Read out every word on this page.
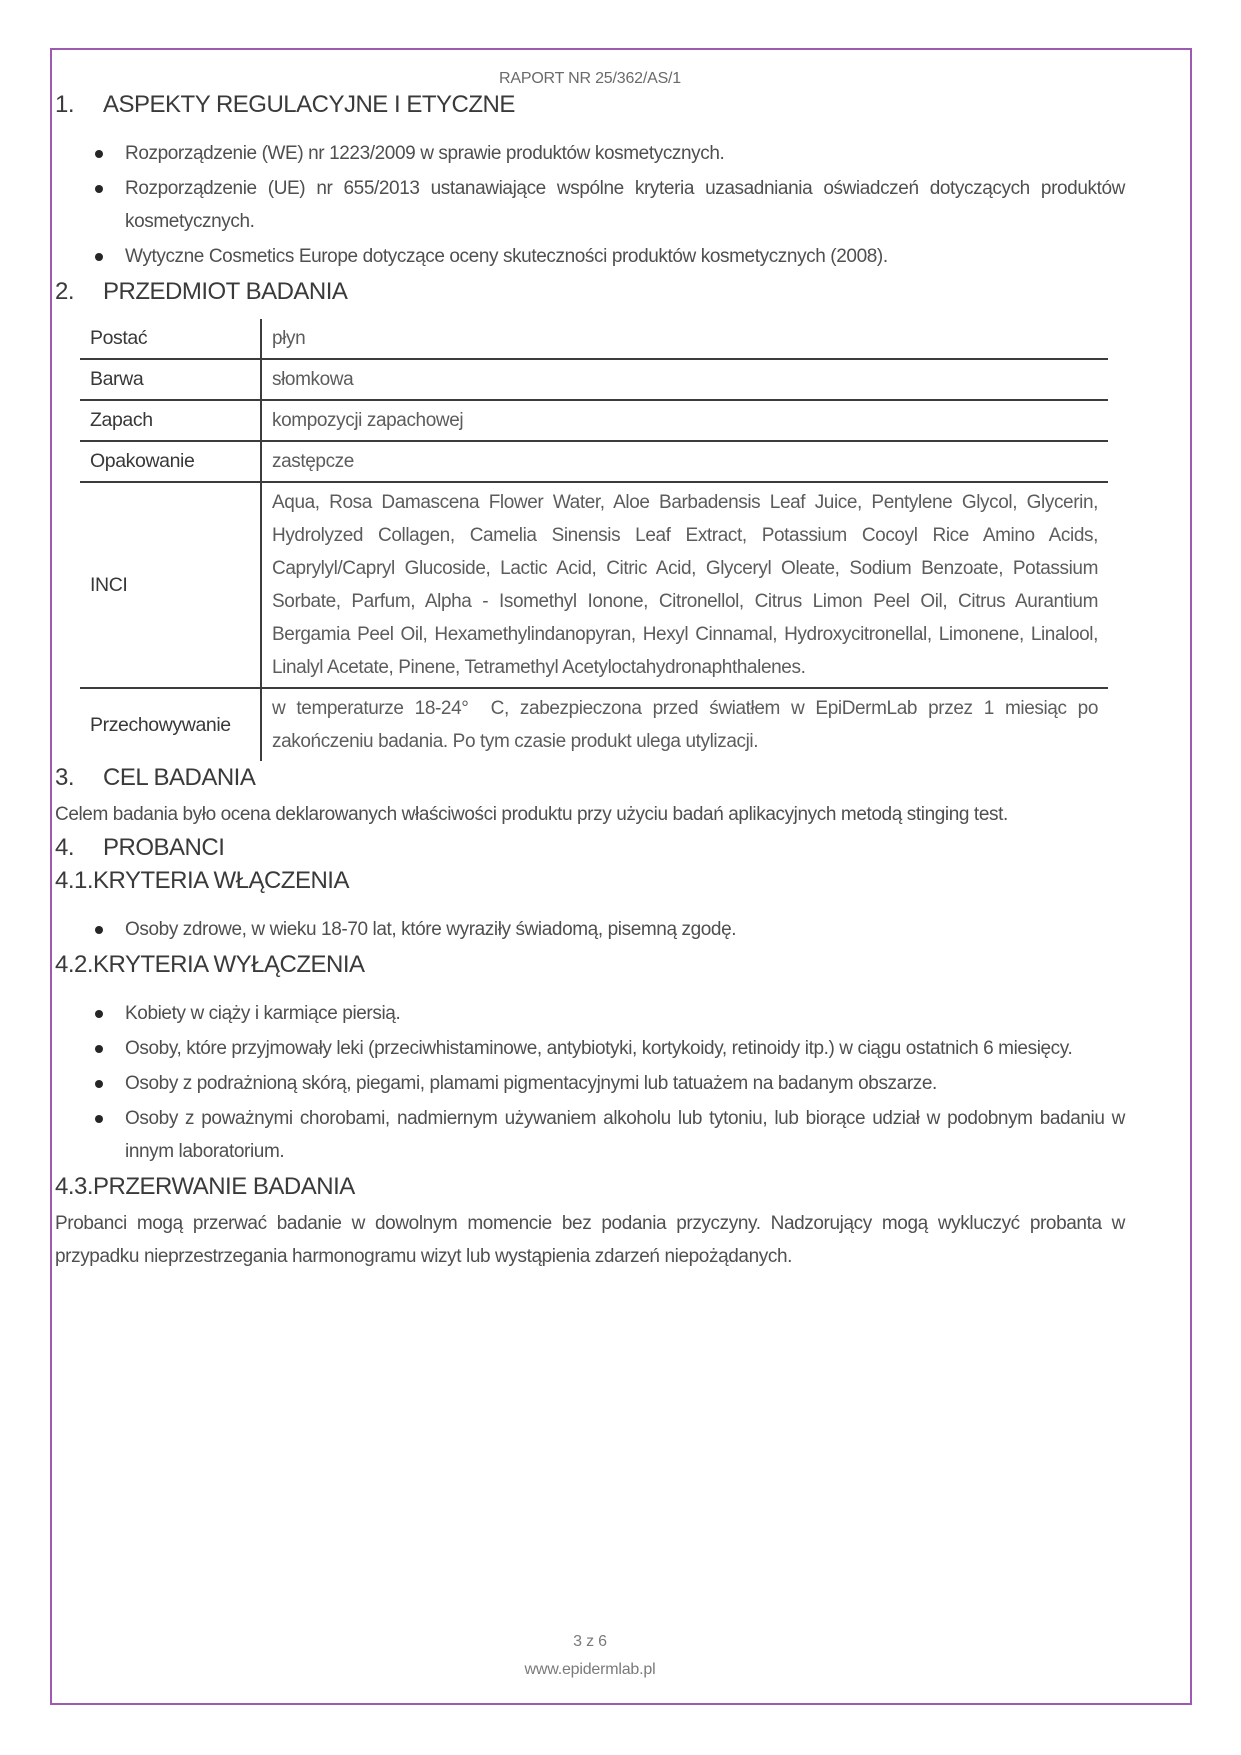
RAPORT NR 25/362/AS/1
1. ASPEKTY REGULACYJNE I ETYCZNE
Rozporządzenie (WE) nr 1223/2009 w sprawie produktów kosmetycznych.
Rozporządzenie (UE) nr 655/2013 ustanawiające wspólne kryteria uzasadniania oświadczeń dotyczących produktów kosmetycznych.
Wytyczne Cosmetics Europe dotyczące oceny skuteczności produktów kosmetycznych (2008).
2. PRZEDMIOT BADANIA
Postać	płyn
Barwa	słomkowa
Zapach	kompozycji zapachowej
Opakowanie	zastępcze
INCI	Aqua, Rosa Damascena Flower Water, Aloe Barbadensis Leaf Juice, Pentylene Glycol, Glycerin, Hydrolyzed Collagen, Camelia Sinensis Leaf Extract, Potassium Cocoyl Rice Amino Acids, Caprylyl/Capryl Glucoside, Lactic Acid, Citric Acid, Glyceryl Oleate, Sodium Benzoate, Potassium Sorbate, Parfum, Alpha - Isomethyl Ionone, Citronellol, Citrus Limon Peel Oil, Citrus Aurantium Bergamia Peel Oil, Hexamethylindanopyran, Hexyl Cinnamal, Hydroxycitronellal, Limonene, Linalool, Linalyl Acetate, Pinene, Tetramethyl Acetyloctahydronaphthalenes.
Przechowywanie	w temperaturze 18-24°  C, zabezpieczona przed światłem w EpiDermLab przez 1 miesiąc po zakończeniu badania. Po tym czasie produkt ulega utylizacji.
3. CEL BADANIA

Celem badania było ocena deklarowanych właściwości produktu przy użyciu badań aplikacyjnych metodą stinging test.

4. PROBANCI
4.1.KRYTERIA WŁĄCZENIA
Osoby zdrowe, w wieku 18-70 lat, które wyraziły świadomą, pisemną zgodę.
4.2.KRYTERIA WYŁĄCZENIA
Kobiety w ciąży i karmiące piersią.
Osoby, które przyjmowały leki (przeciwhistaminowe, antybiotyki, kortykoidy, retinoidy itp.) w ciągu ostatnich 6 miesięcy.
Osoby z podrażnioną skórą, piegami, plamami pigmentacyjnymi lub tatuażem na badanym obszarze.
Osoby z poważnymi chorobami, nadmiernym używaniem alkoholu lub tytoniu, lub biorące udział w podobnym badaniu w innym laboratorium.
4.3.PRZERWANIE BADANIA

Probanci mogą przerwać badanie w dowolnym momencie bez podania przyczyny. Nadzorujący mogą wykluczyć probanta w przypadku nieprzestrzegania harmonogramu wizyt lub wystąpienia zdarzeń niepożądanych.

3 z 6
www.epidermlab.pl
